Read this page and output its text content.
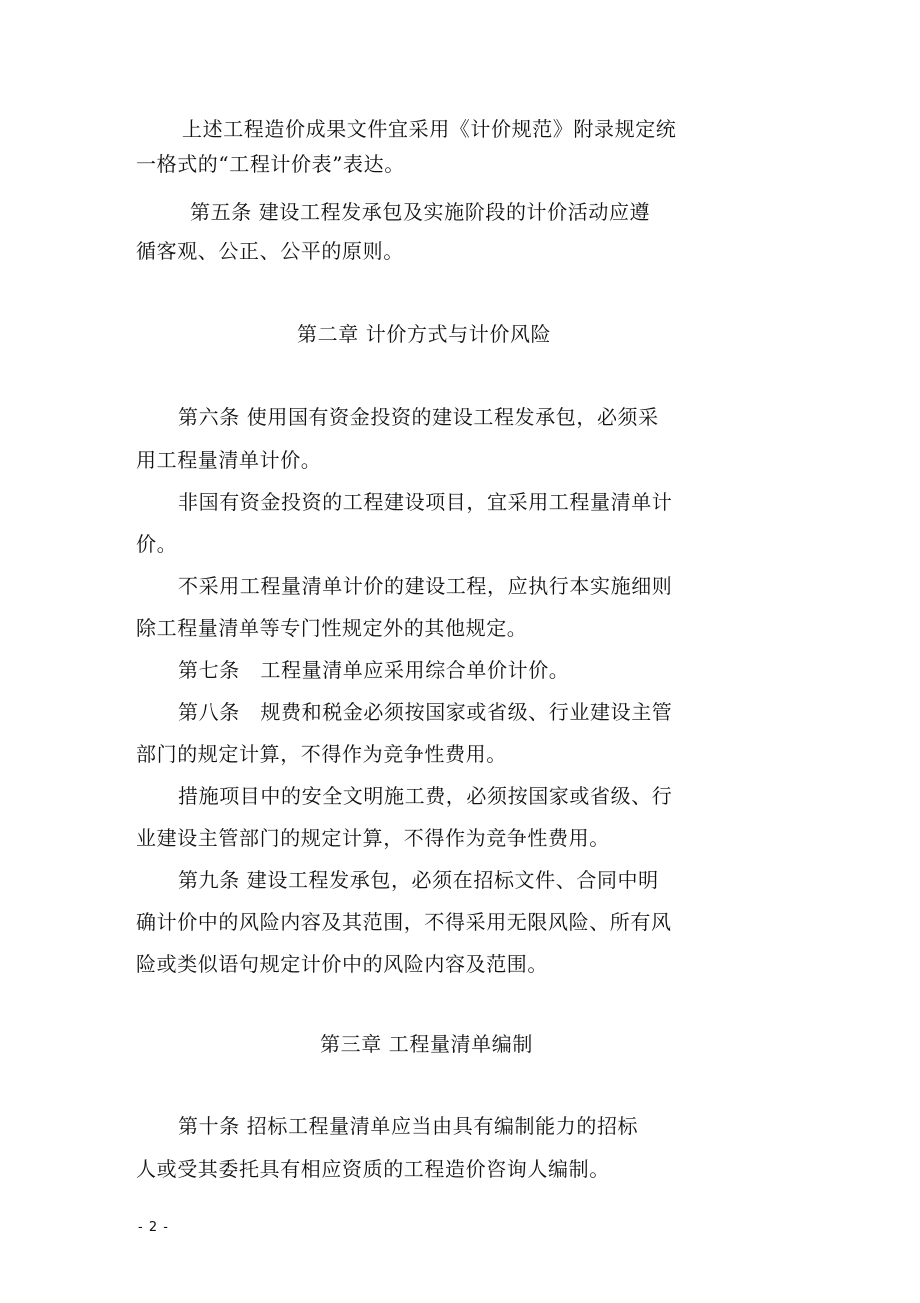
上述工程造价成果文件宜采用《计价规范》附录规定统

一格式的“工程计价表”表达。

第五条 建设工程发承包及实施阶段的计价活动应遵

循客观、公正、公平的原则。

第二章 计价方式与计价风险

第六条 使用国有资金投资的建设工程发承包，必须采

用工程量清单计价。

非国有资金投资的工程建设项目，宜采用工程量清单计

价。

不采用工程量清单计价的建设工程，应执行本实施细则

除工程量清单等专门性规定外的其他规定。

第七条　工程量清单应采用综合单价计价。

第八条　规费和税金必须按国家或省级、行业建设主管

部门的规定计算，不得作为竞争性费用。

措施项目中的安全文明施工费，必须按国家或省级、行

业建设主管部门的规定计算，不得作为竞争性费用。

第九条 建设工程发承包，必须在招标文件、合同中明

确计价中的风险内容及其范围，不得采用无限风险、所有风

险或类似语句规定计价中的风险内容及范围。

第三章 工程量清单编制

第十条 招标工程量清单应当由具有编制能力的招标

人或受其委托具有相应资质的工程造价咨询人编制。

- 2 -
